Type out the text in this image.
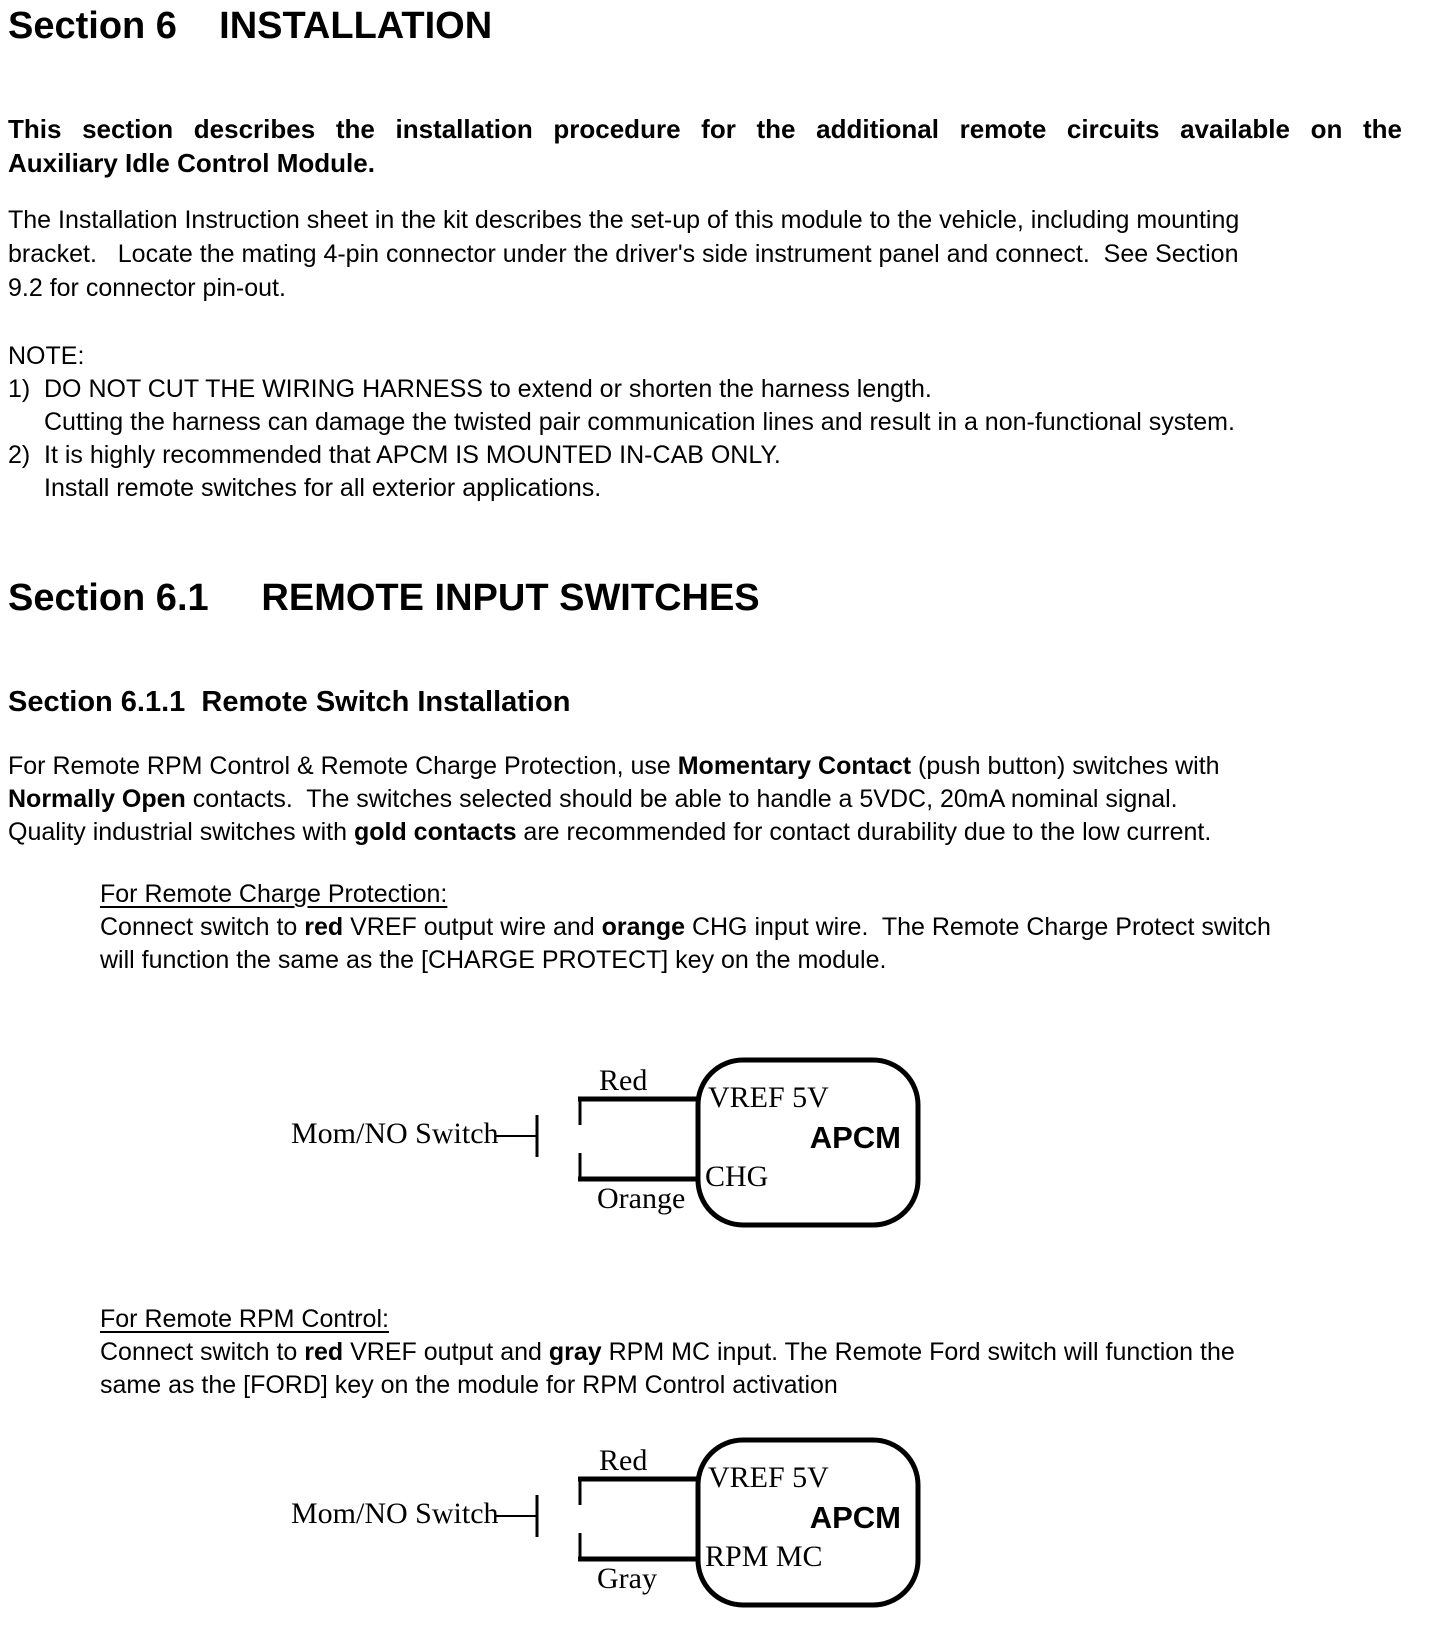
Section 6    INSTALLATION
This section describes the installation procedure for the additional remote circuits available on the
Auxiliary Idle Control Module.
The Installation Instruction sheet in the kit describes the set-up of this module to the vehicle, including mounting
bracket.   Locate the mating 4-pin connector under the driver's side instrument panel and connect.  See Section
9.2 for connector pin-out.
NOTE:
1) DO NOT CUT THE WIRING HARNESS to extend or shorten the harness length.
Cutting the harness can damage the twisted pair communication lines and result in a non-functional system.
2) It is highly recommended that APCM IS MOUNTED IN-CAB ONLY.
Install remote switches for all exterior applications.
Section 6.1     REMOTE INPUT SWITCHES
Section 6.1.1  Remote Switch Installation
For Remote RPM Control & Remote Charge Protection, use Momentary Contact (push button) switches with
Normally Open contacts.  The switches selected should be able to handle a 5VDC, 20mA nominal signal.
Quality industrial switches with gold contacts are recommended for contact durability due to the low current.
For Remote Charge Protection:
Connect switch to red VREF output wire and orange CHG input wire.  The Remote Charge Protect switch
will function the same as the [CHARGE PROTECT] key on the module.
Mom/NO Switch
Red
Orange
VREF 5V
CHG
APCM
For Remote RPM Control:
Connect switch to red VREF output and gray RPM MC input. The Remote Ford switch will function the
same as the [FORD] key on the module for RPM Control activation
Mom/NO Switch
Red
Gray
VREF 5V
RPM MC
APCM
